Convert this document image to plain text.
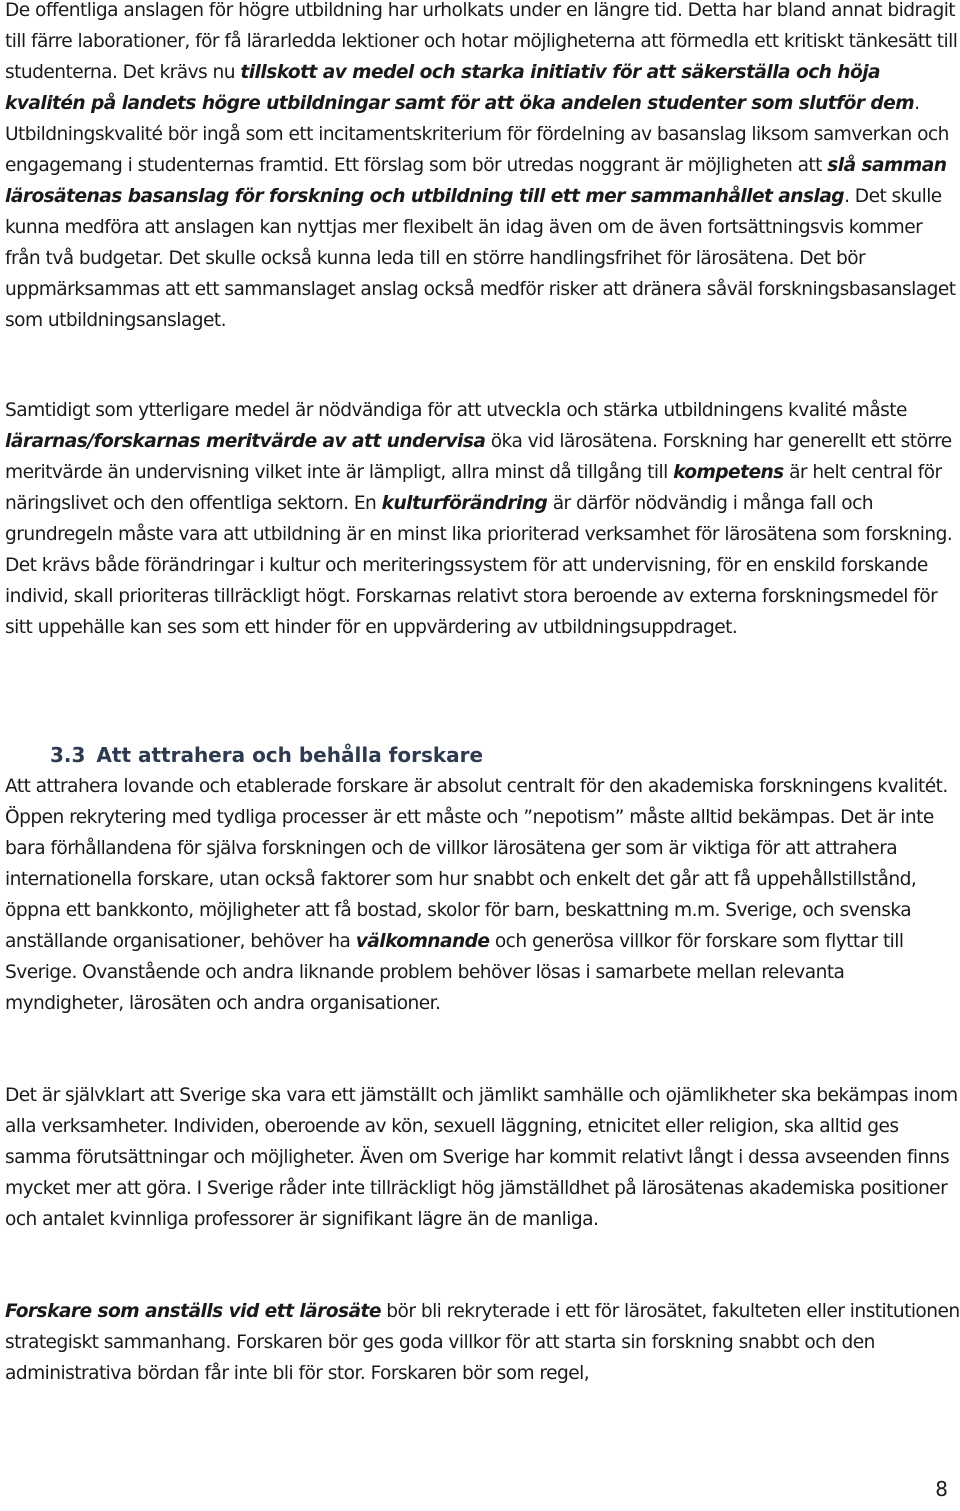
De offentliga anslagen för högre utbildning har urholkats under en längre tid. Detta har bland annat bidragit till färre laborationer, för få lärarledda lektioner och hotar möjligheterna att förmedla ett kritiskt tänkesätt till studenterna. Det krävs nu tillskott av medel och starka initiativ för att säkerställa och höja kvalitén på landets högre utbildningar samt för att öka andelen studenter som slutför dem. Utbildningskvalité bör ingå som ett incitamentskriterium för fördelning av basanslag liksom samverkan och engagemang i studenternas framtid. Ett förslag som bör utredas noggrant är möjligheten att slå samman lärosätenas basanslag för forskning och utbildning till ett mer sammanhållet anslag. Det skulle kunna medföra att anslagen kan nyttjas mer flexibelt än idag även om de även fortsättningsvis kommer från två budgetar. Det skulle också kunna leda till en större handlingsfrihet för lärosätena. Det bör uppmärksammas att ett sammanslaget anslag också medför risker att dränera såväl forskningsbasanslaget som utbildningsanslaget.

Samtidigt som ytterligare medel är nödvändiga för att utveckla och stärka utbildningens kvalité måste lärarnas/forskarnas meritvärde av att undervisa öka vid lärosätena. Forskning har generellt ett större meritvärde än undervisning vilket inte är lämpligt, allra minst då tillgång till kompetens är helt central för näringslivet och den offentliga sektorn. En kulturförändring är därför nödvändig i många fall och grundregeln måste vara att utbildning är en minst lika prioriterad verksamhet för lärosätena som forskning. Det krävs både förändringar i kultur och meriteringssystem för att undervisning, för en enskild forskande individ, skall prioriteras tillräckligt högt. Forskarnas relativt stora beroende av externa forskningsmedel för sitt uppehälle kan ses som ett hinder för en uppvärdering av utbildningsuppdraget.

3.3 Att attrahera och behålla forskare

Att attrahera lovande och etablerade forskare är absolut centralt för den akademiska forskningens kvalitét. Öppen rekrytering med tydliga processer är ett måste och ”nepotism” måste alltid bekämpas. Det är inte bara förhållandena för själva forskningen och de villkor lärosätena ger som är viktiga för att attrahera internationella forskare, utan också faktorer som hur snabbt och enkelt det går att få uppehållstillstånd, öppna ett bankkonto, möjligheter att få bostad, skolor för barn, beskattning m.m. Sverige, och svenska anställande organisationer, behöver ha välkomnande och generösa villkor för forskare som flyttar till Sverige. Ovanstående och andra liknande problem behöver lösas i samarbete mellan relevanta myndigheter, lärosäten och andra organisationer.

Det är självklart att Sverige ska vara ett jämställt och jämlikt samhälle och ojämlikheter ska bekämpas inom alla verksamheter. Individen, oberoende av kön, sexuell läggning, etnicitet eller religion, ska alltid ges samma förutsättningar och möjligheter. Även om Sverige har kommit relativt långt i dessa avseenden finns mycket mer att göra. I Sverige råder inte tillräckligt hög jämställdhet på lärosätenas akademiska positioner och antalet kvinnliga professorer är signifikant lägre än de manliga.

Forskare som anställs vid ett lärosäte bör bli rekryterade i ett för lärosätet, fakulteten eller institutionen strategiskt sammanhang. Forskaren bör ges goda villkor för att starta sin forskning snabbt och den administrativa bördan får inte bli för stor. Forskaren bör som regel,

8
